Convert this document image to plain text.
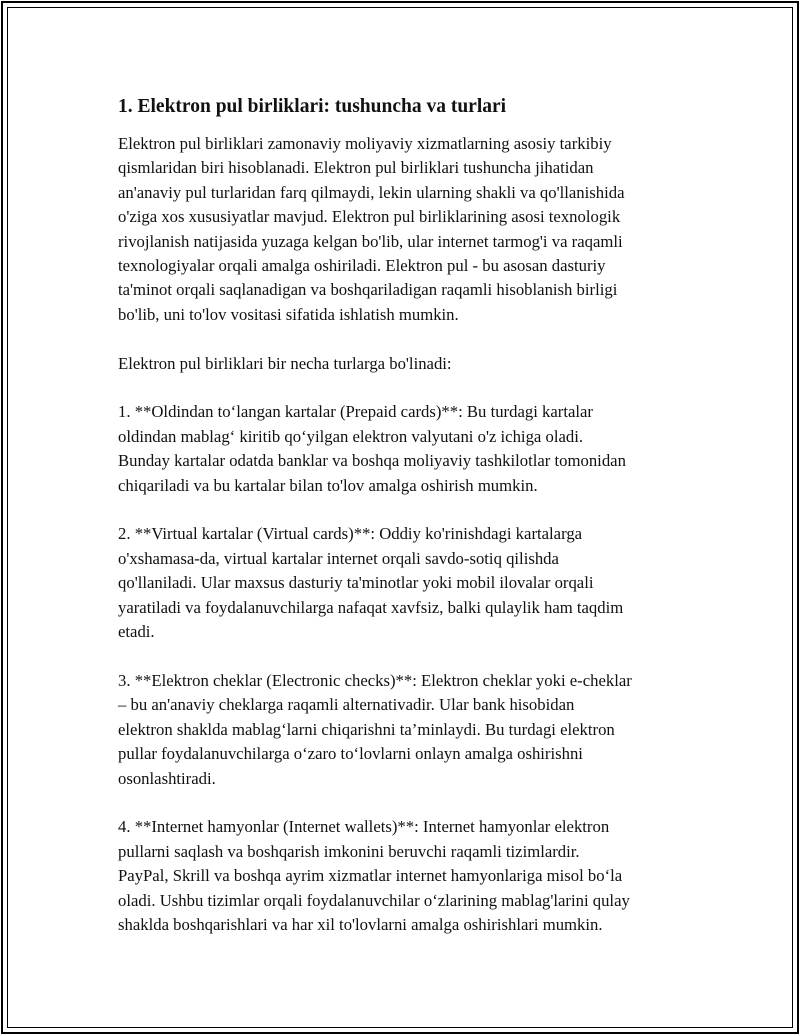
1. Elektron pul birliklari: tushuncha va turlari
Elektron pul birliklari zamonaviy moliyaviy xizmatlarning asosiy tarkibiy
qismlaridan biri hisoblanadi. Elektron pul birliklari tushuncha jihatidan
an'anaviy pul turlaridan farq qilmaydi, lekin ularning shakli va qo'llanishida
o'ziga xos xususiyatlar mavjud. Elektron pul birliklarining asosi texnologik
rivojlanish natijasida yuzaga kelgan bo'lib, ular internet tarmog'i va raqamli
texnologiyalar orqali amalga oshiriladi. Elektron pul - bu asosan dasturiy
ta'minot orqali saqlanadigan va boshqariladigan raqamli hisoblanish birligi
bo'lib, uni to'lov vositasi sifatida ishlatish mumkin.
Elektron pul birliklari bir necha turlarga bo'linadi:
1. **Oldindan to‘langan kartalar (Prepaid cards)**: Bu turdagi kartalar
oldindan mablag‘ kiritib qo‘yilgan elektron valyutani o'z ichiga oladi.
Bunday kartalar odatda banklar va boshqa moliyaviy tashkilotlar tomonidan
chiqariladi va bu kartalar bilan to'lov amalga oshirish mumkin.
2. **Virtual kartalar (Virtual cards)**: Oddiy ko'rinishdagi kartalarga
o'xshamasa-da, virtual kartalar internet orqali savdo-sotiq qilishda
qo'llaniladi. Ular maxsus dasturiy ta'minotlar yoki mobil ilovalar orqali
yaratiladi va foydalanuvchilarga nafaqat xavfsiz, balki qulaylik ham taqdim
etadi.
3. **Elektron cheklar (Electronic checks)**: Elektron cheklar yoki e-cheklar
– bu an'anaviy cheklarga raqamli alternativadir. Ular bank hisobidan
elektron shaklda mablag‘larni chiqarishni ta’minlaydi. Bu turdagi elektron
pullar foydalanuvchilarga o‘zaro to‘lovlarni onlayn amalga oshirishni
osonlashtiradi.
4. **Internet hamyonlar (Internet wallets)**: Internet hamyonlar elektron
pullarni saqlash va boshqarish imkonini beruvchi raqamli tizimlardir.
PayPal, Skrill va boshqa ayrim xizmatlar internet hamyonlariga misol bo‘la
oladi. Ushbu tizimlar orqali foydalanuvchilar o‘zlarining mablag'larini qulay
shaklda boshqarishlari va har xil to'lovlarni amalga oshirishlari mumkin.
